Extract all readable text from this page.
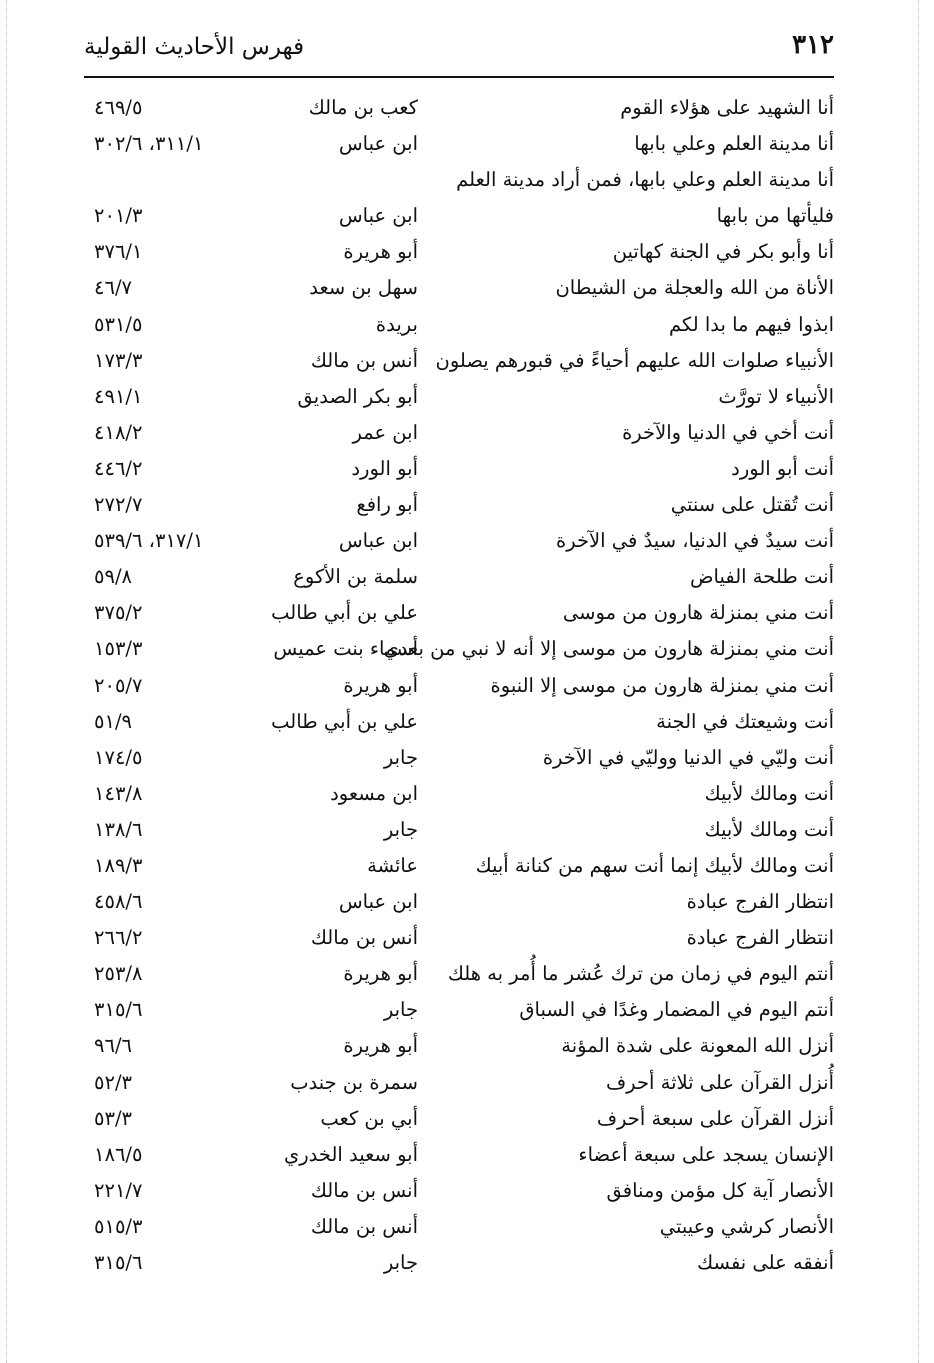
فهرس الأحاديث القولية	٣١٢
أنا الشهيد على هؤلاء القوم
كعب بن مالك
٤٦٩/٥
أنا مدينة العلم وعلي بابها
ابن عباس
٣١١/١، ٣٠٢/٦
أنا مدينة العلم وعلي بابها، فمن أراد مدينة العلم
فليأتها من بابها
ابن عباس
٢٠١/٣
أنا وأبو بكر في الجنة كهاتين
أبو هريرة
٣٧٦/١
الأناة من الله والعجلة من الشيطان
سهل بن سعد
٤٦/٧
ابذوا فيهم ما بدا لكم
بريدة
٥٣١/٥
الأنبياء صلوات الله عليهم أحياءً في قبورهم يصلون
أنس بن مالك
١٧٣/٣
الأنبياء لا تورَّث
أبو بكر الصديق
٤٩١/١
أنت أخي في الدنيا والآخرة
ابن عمر
٤١٨/٢
أنت أبو الورد
أبو الورد
٤٤٦/٢
أنت تُقتل على سنتي
أبو رافع
٢٧٢/٧
أنت سيدٌ في الدنيا، سيدٌ في الآخرة
ابن عباس
٣١٧/١، ٥٣٩/٦
أنت طلحة الفياض
سلمة بن الأكوع
٥٩/٨
أنت مني بمنزلة هارون من موسى
علي بن أبي طالب
٣٧٥/٢
أنت مني بمنزلة هارون من موسى إلا أنه لا نبي من بعدي
أسماء بنت عميس
١٥٣/٣
أنت مني بمنزلة هارون من موسى إلا النبوة
أبو هريرة
٢٠٥/٧
أنت وشيعتك في الجنة
علي بن أبي طالب
٥١/٩
أنت وليّي في الدنيا ووليّي في الآخرة
جابر
١٧٤/٥
أنت ومالك لأبيك
ابن مسعود
١٤٣/٨
أنت ومالك لأبيك
جابر
١٣٨/٦
أنت ومالك لأبيك إنما أنت سهم من كنانة أبيك
عائشة
١٨٩/٣
انتظار الفرج عبادة
ابن عباس
٤٥٨/٦
انتظار الفرج عبادة
أنس بن مالك
٢٦٦/٢
أنتم اليوم في زمان من ترك عُشر ما أُمر به هلك
أبو هريرة
٢٥٣/٨
أنتم اليوم في المضمار وغدًا في السباق
جابر
٣١٥/٦
أنزل الله المعونة على شدة المؤنة
أبو هريرة
٩٦/٦
أُنزل القرآن على ثلاثة أحرف
سمرة بن جندب
٥٢/٣
أنزل القرآن على سبعة أحرف
أبي بن كعب
٥٣/٣
الإنسان يسجد على سبعة أعضاء
أبو سعيد الخدري
١٨٦/٥
الأنصار آية كل مؤمن ومنافق
أنس بن مالك
٢٢١/٧
الأنصار كرشي وعيبتي
أنس بن مالك
٥١٥/٣
أنفقه على نفسك
جابر
٣١٥/٦
